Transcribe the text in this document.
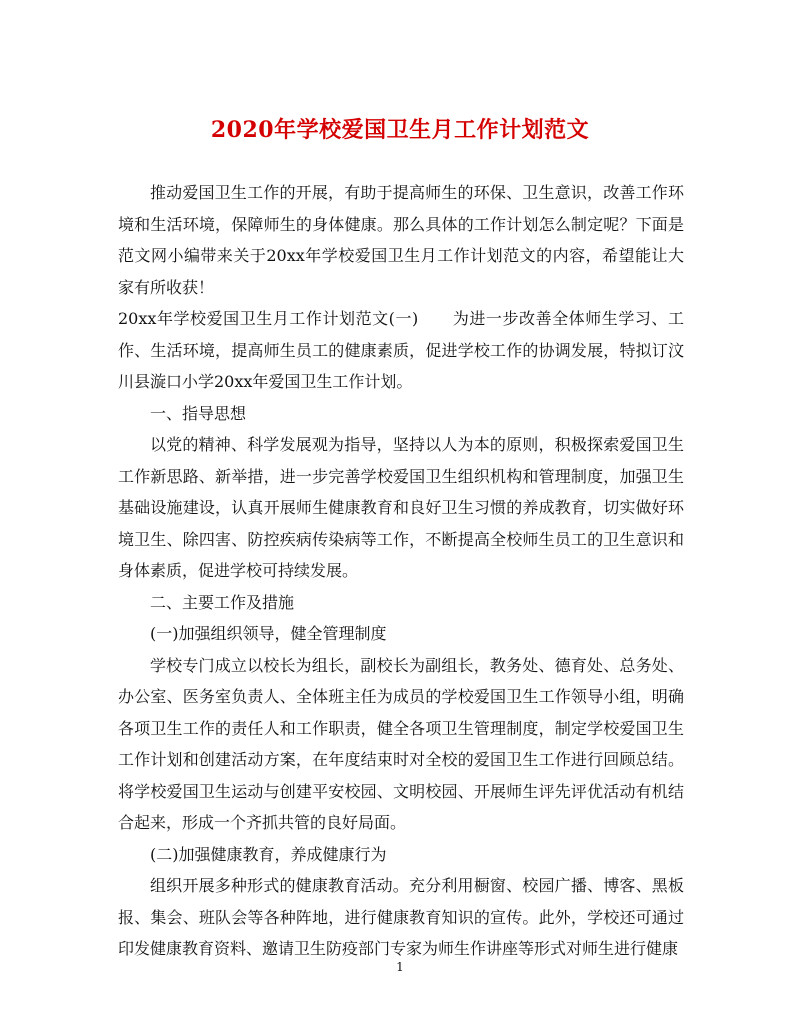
2020年学校爱国卫生月工作计划范文

推动爱国卫生工作的开展，有助于提高师生的环保、卫生意识，改善工作环境和生活环境，保障师生的身体健康。那么具体的工作计划怎么制定呢？下面是范文网小编带来关于20xx年学校爱国卫生月工作计划范文的内容，希望能让大家有所收获！

20xx年学校爱国卫生月工作计划范文(一) 为进一步改善全体师生学习、工作、生活环境，提高师生员工的健康素质，促进学校工作的协调发展，特拟订汶川县漩口小学20xx年爱国卫生工作计划。

一、指导思想

以党的精神、科学发展观为指导，坚持以人为本的原则，积极探索爱国卫生工作新思路、新举措，进一步完善学校爱国卫生组织机构和管理制度，加强卫生基础设施建设，认真开展师生健康教育和良好卫生习惯的养成教育，切实做好环境卫生、除四害、防控疾病传染病等工作，不断提高全校师生员工的卫生意识和身体素质，促进学校可持续发展。

二、主要工作及措施

(一)加强组织领导，健全管理制度

学校专门成立以校长为组长，副校长为副组长，教务处、德育处、总务处、办公室、医务室负责人、全体班主任为成员的学校爱国卫生工作领导小组，明确各项卫生工作的责任人和工作职责，健全各项卫生管理制度，制定学校爱国卫生工作计划和创建活动方案，在年度结束时对全校的爱国卫生工作进行回顾总结。将学校爱国卫生运动与创建平安校园、文明校园、开展师生评先评优活动有机结合起来，形成一个齐抓共管的良好局面。

(二)加强健康教育，养成健康行为

组织开展多种形式的健康教育活动。充分利用橱窗、校园广播、博客、黑板报、集会、班队会等各种阵地，进行健康教育知识的宣传。此外，学校还可通过印发健康教育资料、邀请卫生防疫部门专家为师生作讲座等形式对师生进行健康

1
